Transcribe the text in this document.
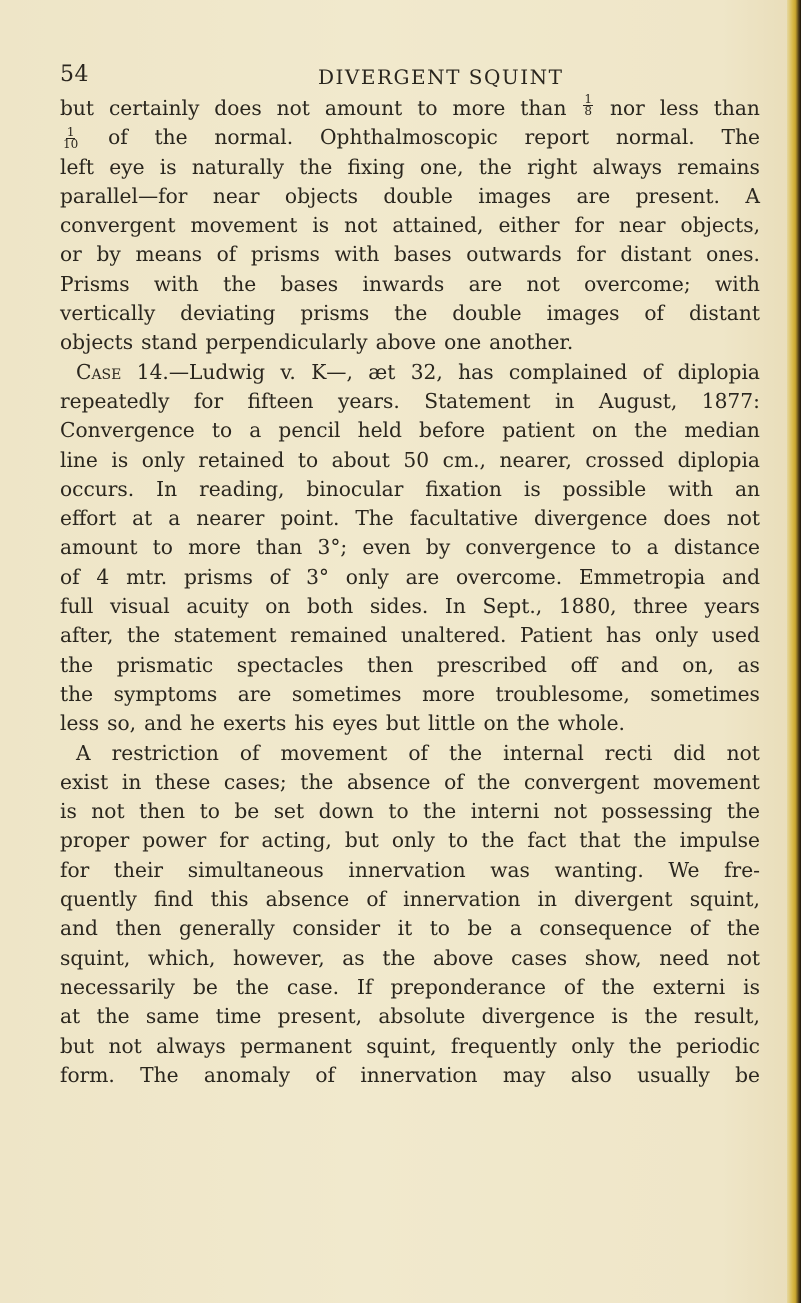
54	DIVERGENT SQUINT
but certainly does not amount to more than $\frac{1}{8}$ nor less than
$\frac{1}{10}$ of the normal. Ophthalmoscopic report normal. The
left eye is naturally the fixing one, the right always remains
parallel—for near objects double images are present. A
convergent movement is not attained, either for near objects,
or by means of prisms with bases outwards for distant ones.
Prisms with the bases inwards are not overcome; with
vertically deviating prisms the double images of distant
objects stand perpendicularly above one another.
Case 14.—Ludwig v. K—, æt 32, has complained of diplopia
repeatedly for fifteen years. Statement in August, 1877:
Convergence to a pencil held before patient on the median
line is only retained to about 50 cm., nearer, crossed diplopia
occurs. In reading, binocular fixation is possible with an
effort at a nearer point. The facultative divergence does not
amount to more than 3°; even by convergence to a distance
of 4 mtr. prisms of 3° only are overcome. Emmetropia and
full visual acuity on both sides. In Sept., 1880, three years
after, the statement remained unaltered. Patient has only used
the prismatic spectacles then prescribed off and on, as
the symptoms are sometimes more troublesome, sometimes
less so, and he exerts his eyes but little on the whole.
A restriction of movement of the internal recti did not
exist in these cases; the absence of the convergent movement
is not then to be set down to the interni not possessing the
proper power for acting, but only to the fact that the impulse
for their simultaneous innervation was wanting. We fre-
quently find this absence of innervation in divergent squint,
and then generally consider it to be a consequence of the
squint, which, however, as the above cases show, need not
necessarily be the case. If preponderance of the externi is
at the same time present, absolute divergence is the result,
but not always permanent squint, frequently only the periodic
form. The anomaly of innervation may also usually be
